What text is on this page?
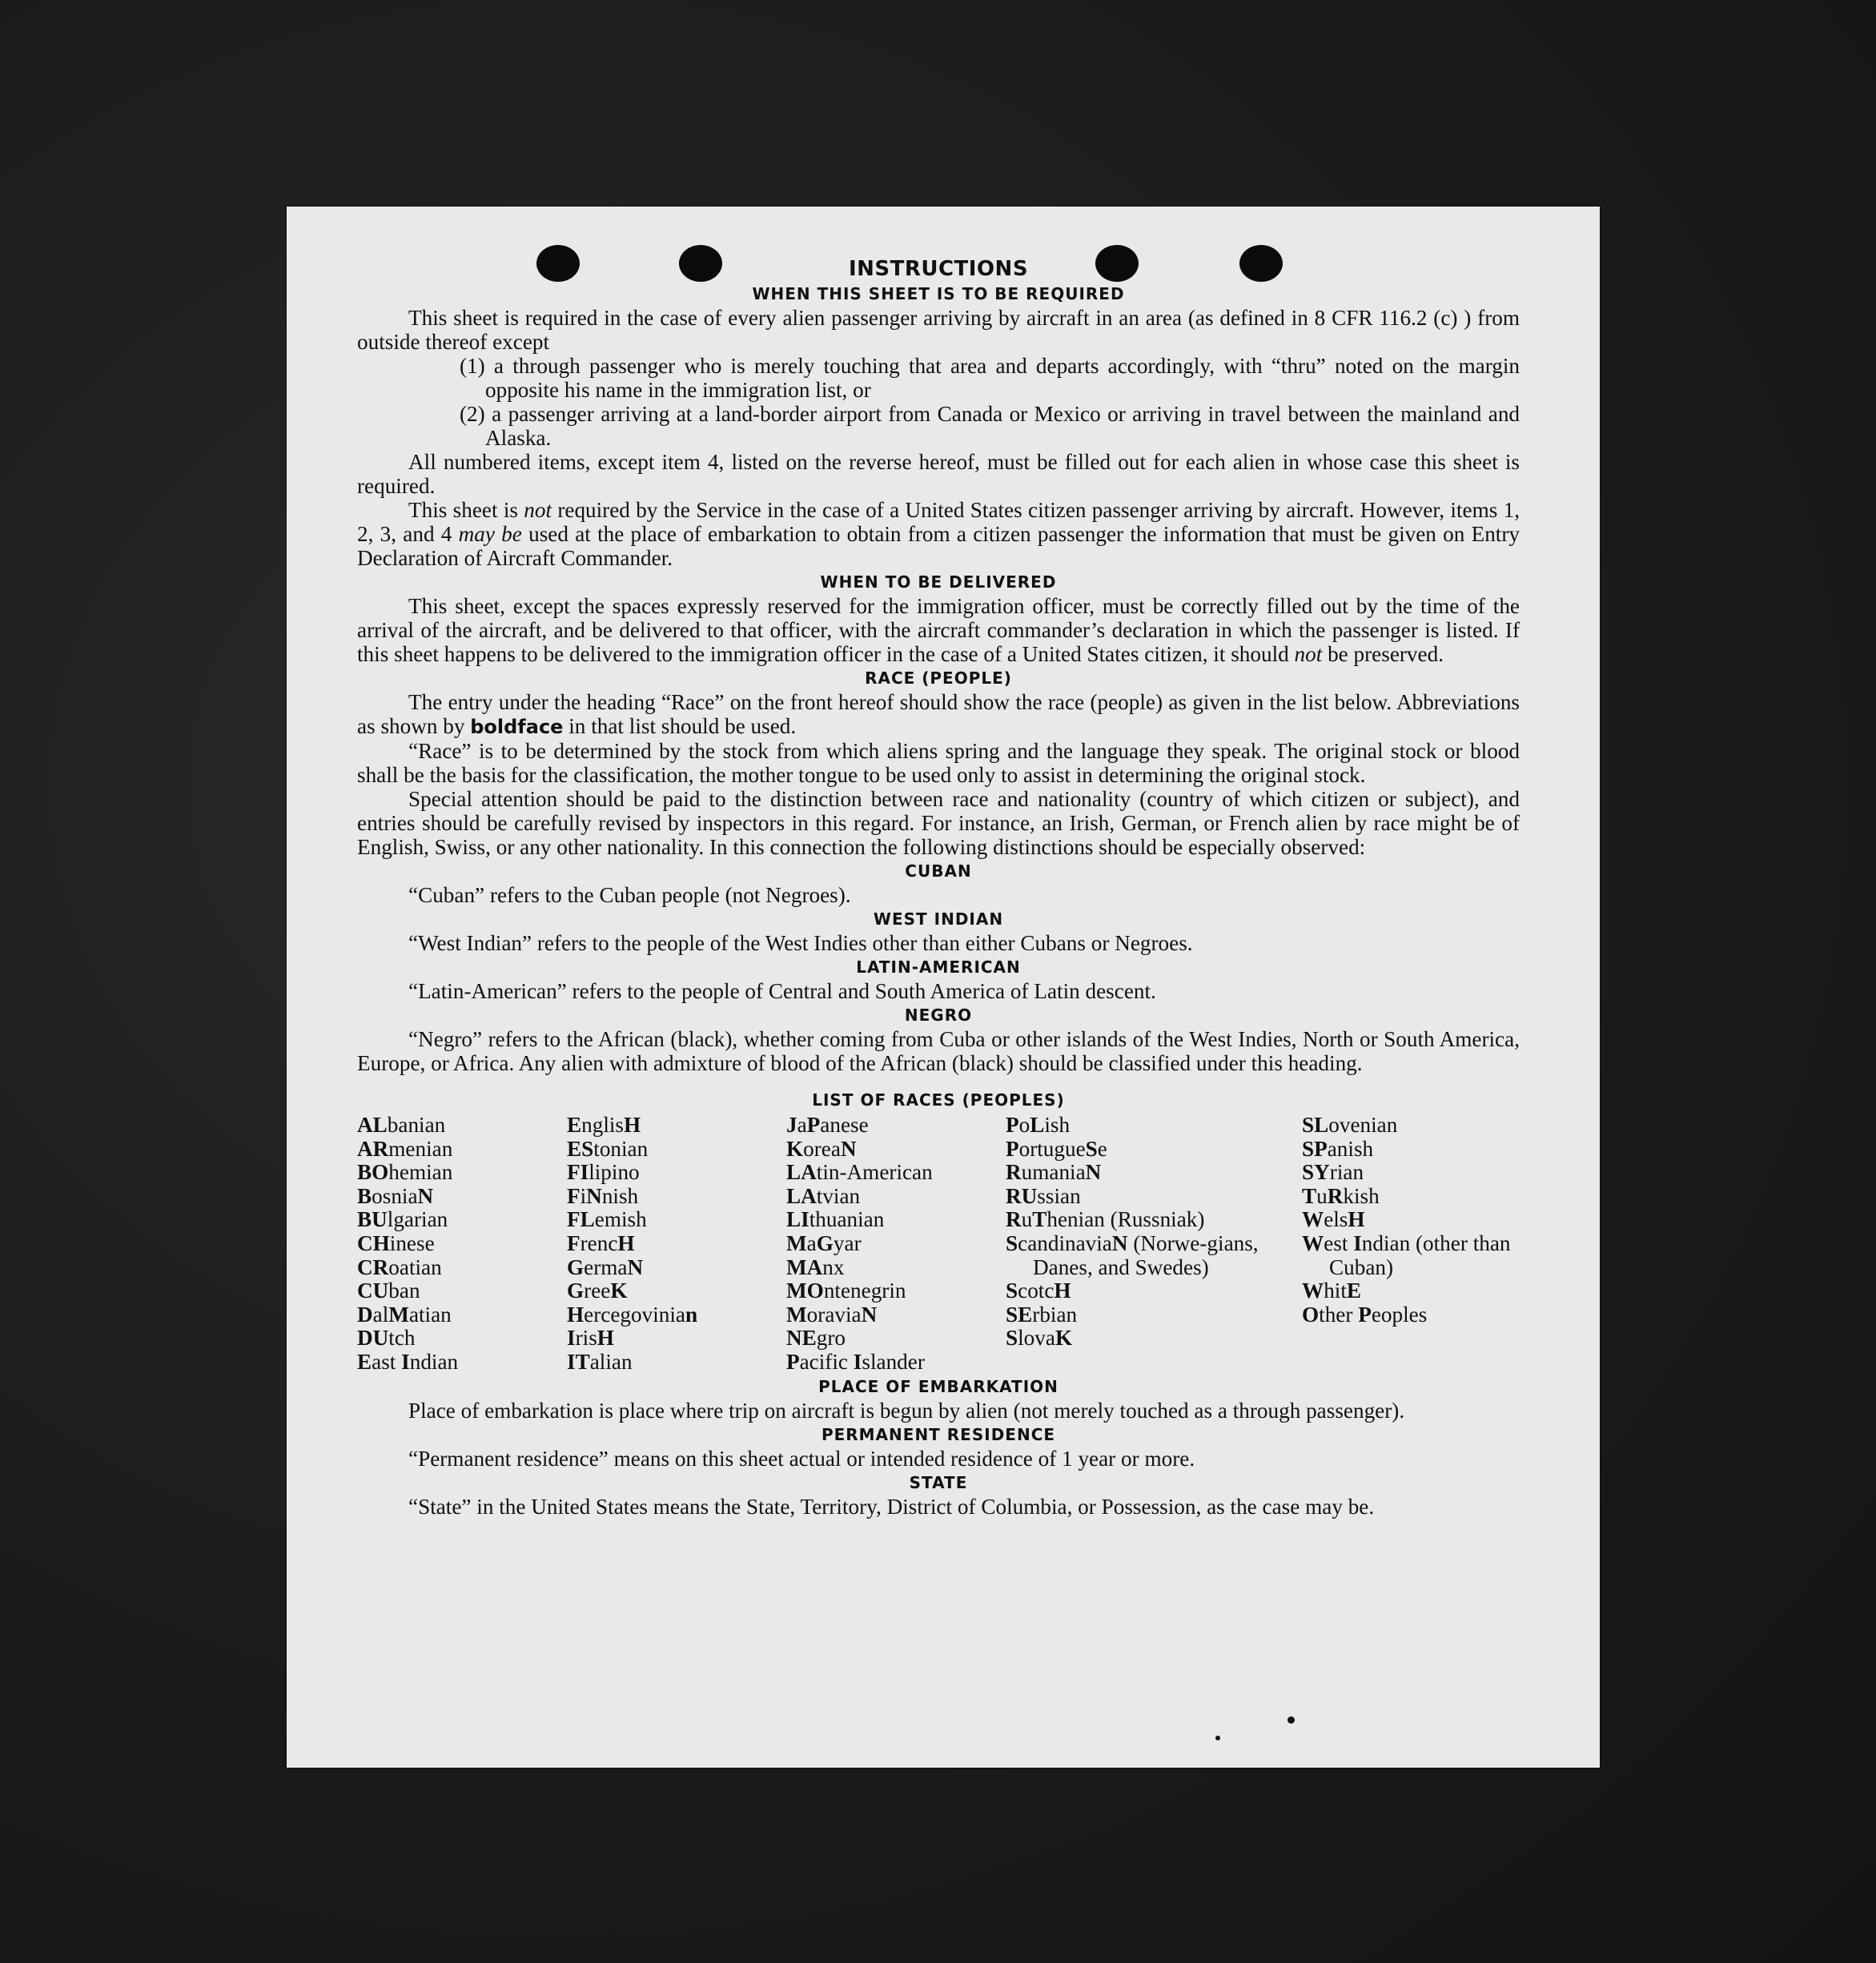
INSTRUCTIONS
WHEN THIS SHEET IS TO BE REQUIRED

This sheet is required in the case of every alien passenger arriving by aircraft in an area (as defined in 8 CFR 116.2 (c) ) from outside thereof except

(1) a through passenger who is merely touching that area and departs accordingly, with “thru” noted on the margin opposite his name in the immigration list, or
(2) a passenger arriving at a land-border airport from Canada or Mexico or arriving in travel between the mainland and Alaska.

All numbered items, except item 4, listed on the reverse hereof, must be filled out for each alien in whose case this sheet is required.

This sheet is not required by the Service in the case of a United States citizen passenger arriving by aircraft. However, items 1, 2, 3, and 4 may be used at the place of embarkation to obtain from a citizen passenger the information that must be given on Entry Declaration of Aircraft Commander.

WHEN TO BE DELIVERED

This sheet, except the spaces expressly reserved for the immigration officer, must be correctly filled out by the time of the arrival of the aircraft, and be delivered to that officer, with the aircraft commander’s declaration in which the passenger is listed. If this sheet happens to be delivered to the immigration officer in the case of a United States citizen, it should not be preserved.

RACE (PEOPLE)

The entry under the heading “Race” on the front hereof should show the race (people) as given in the list below. Abbreviations as shown by boldface in that list should be used.

“Race” is to be determined by the stock from which aliens spring and the language they speak. The original stock or blood shall be the basis for the classification, the mother tongue to be used only to assist in determining the original stock.

Special attention should be paid to the distinction between race and nationality (country of which citizen or subject), and entries should be carefully revised by inspectors in this regard. For instance, an Irish, German, or French alien by race might be of English, Swiss, or any other nationality. In this connection the following distinctions should be especially observed:

CUBAN

“Cuban” refers to the Cuban people (not Negroes).

WEST INDIAN

“West Indian” refers to the people of the West Indies other than either Cubans or Negroes.

LATIN-AMERICAN

“Latin-American” refers to the people of Central and South America of Latin descent.

NEGRO

“Negro” refers to the African (black), whether coming from Cuba or other islands of the West Indies, North or South America, Europe, or Africa. Any alien with admixture of blood of the African (black) should be classified under this heading.

LIST OF RACES (PEOPLES)
ALbanian
ARmenian
BOhemian
BosniaN
BUlgarian
CHinese
CRoatian
CUban
DalMatian
DUtch
East Indian
EnglisH
EStonian
FIlipino
FiNnish
FLemish
FrencH
GermaN
GreeK
Hercegovinian
IrisH
ITalian
JaPanese
KoreaN
LAtin-American
LAtvian
LIthuanian
MaGyar
MAnx
MOntenegrin
MoraviaN
NEgro
Pacific Islander
PoLish
PortugueSe
RumaniaN
RUssian
RuThenian (Russniak)
ScandinaviaN (Norwe-gians, Danes, and Swedes)
ScotcH
SErbian
SlovaK
SLovenian
SPanish
SYrian
TuRkish
WelsH
West Indian (other than Cuban)
WhitE
Other Peoples
PLACE OF EMBARKATION

Place of embarkation is place where trip on aircraft is begun by alien (not merely touched as a through passenger).

PERMANENT RESIDENCE

“Permanent residence” means on this sheet actual or intended residence of 1 year or more.

STATE

“State” in the United States means the State, Territory, District of Columbia, or Possession, as the case may be.
